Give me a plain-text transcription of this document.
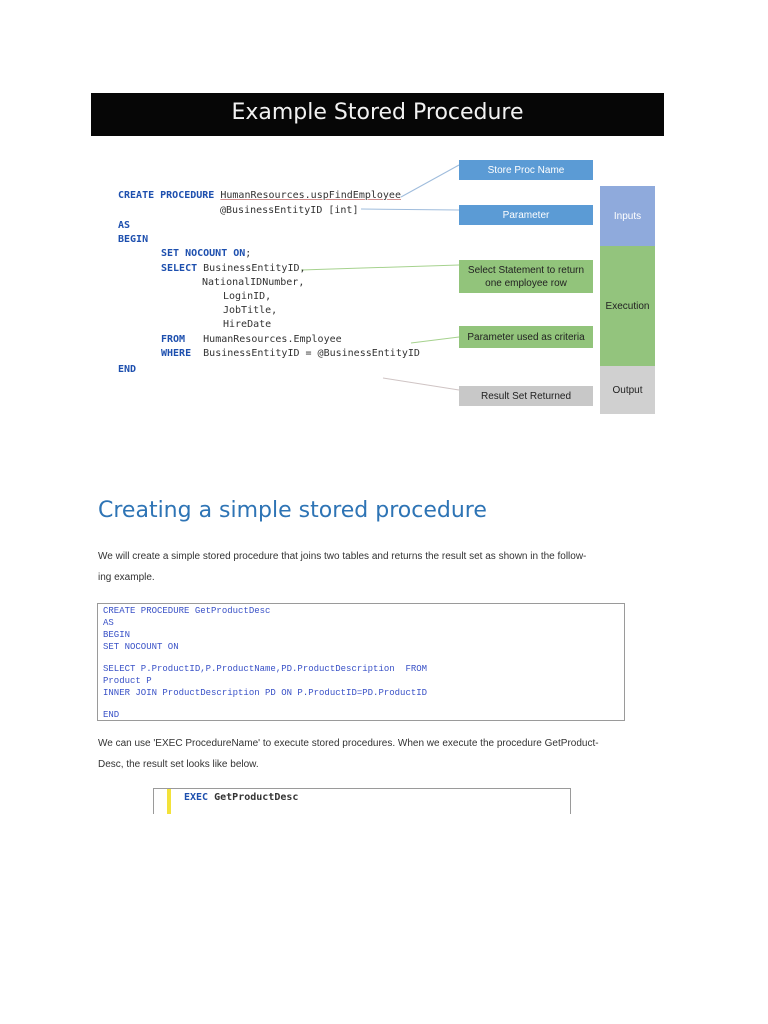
Example Stored Procedure
CREATE PROCEDURE HumanResources.uspFindEmployee
@BusinessEntityID [int]
AS
BEGIN
SET NOCOUNT ON;
SELECT BusinessEntityID,
NationalIDNumber,
LoginID,
JobTitle,
HireDate
FROM HumanResources.Employee
WHERE BusinessEntityID = @BusinessEntityID
END
Store Proc Name
Parameter
Select Statement to return one employee row
Parameter used as criteria
Result Set Returned
Inputs
Execution
Output
Creating a simple stored procedure
We will create a simple stored procedure that joins two tables and returns the result set as shown in the follow-
ing example.
CREATE PROCEDURE GetProductDesc
AS
BEGIN
SET NOCOUNT ON
SELECT P.ProductID,P.ProductName,PD.ProductDescription  FROM
Product P
INNER JOIN ProductDescription PD ON P.ProductID=PD.ProductID
END
We can use 'EXEC ProcedureName' to execute stored procedures. When we execute the procedure GetProduct-
Desc, the result set looks like below.
EXEC GetProductDesc
